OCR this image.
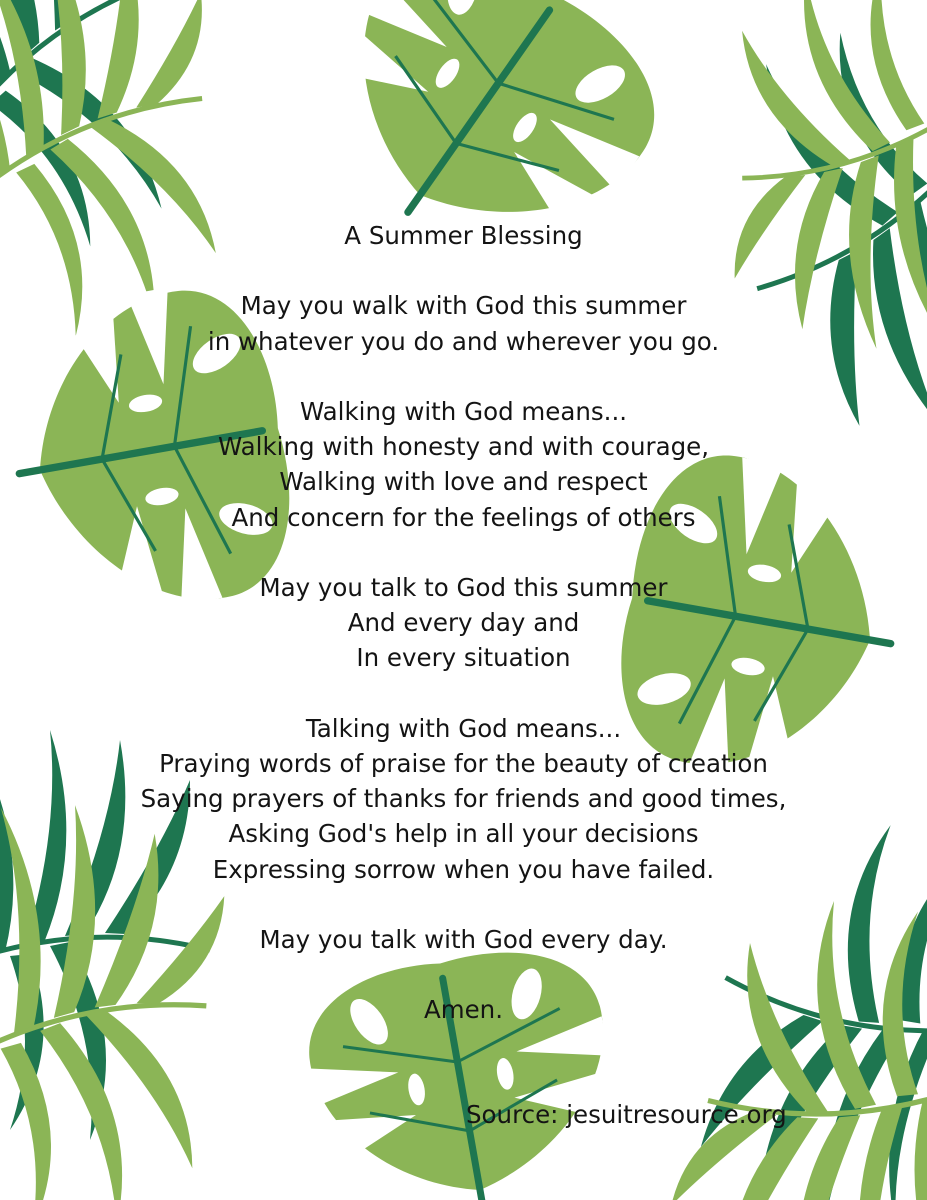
A Summer Blessing
May you walk with God this summer
in whatever you do and wherever you go.
Walking with God means...
Walking with honesty and with courage,
Walking with love and respect
And concern for the feelings of others
May you talk to God this summer
And every day and
In every situation
Talking with God means...
Praying words of praise for the beauty of creation
Saying prayers of thanks for friends and good times,
Asking God's help in all your decisions
Expressing sorrow when you have failed.
May you talk with God every day.
Amen.
Source: jesuitresource.org
